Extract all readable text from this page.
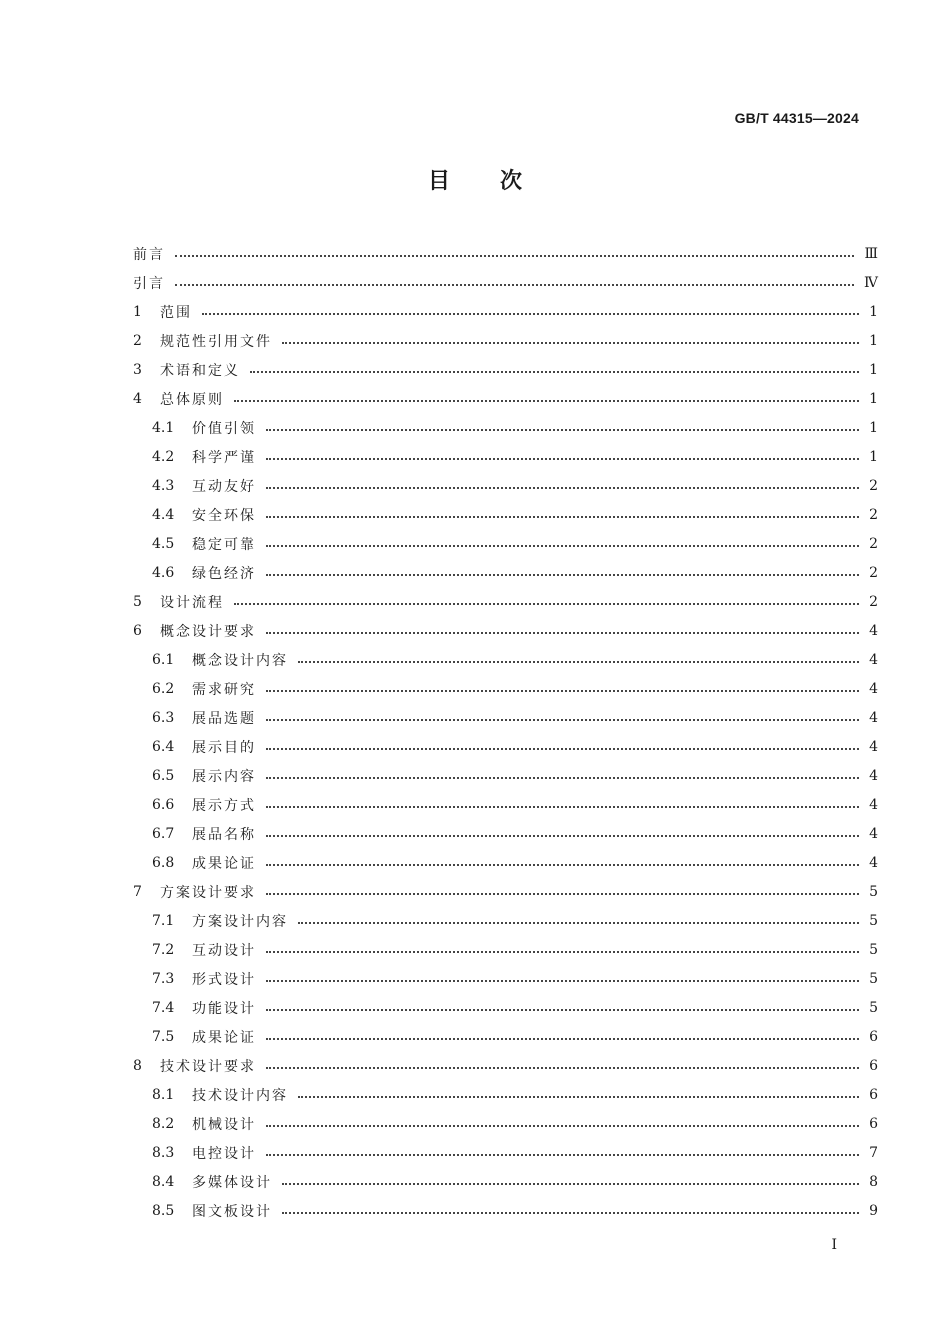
GB/T 44315—2024
目次
前言	Ⅲ
引言	Ⅳ
1	范围	1
2	规范性引用文件	1
3	术语和定义	1
4	总体原则	1
4.1	价值引领	1
4.2	科学严谨	1
4.3	互动友好	2
4.4	安全环保	2
4.5	稳定可靠	2
4.6	绿色经济	2
5	设计流程	2
6	概念设计要求	4
6.1	概念设计内容	4
6.2	需求研究	4
6.3	展品选题	4
6.4	展示目的	4
6.5	展示内容	4
6.6	展示方式	4
6.7	展品名称	4
6.8	成果论证	4
7	方案设计要求	5
7.1	方案设计内容	5
7.2	互动设计	5
7.3	形式设计	5
7.4	功能设计	5
7.5	成果论证	6
8	技术设计要求	6
8.1	技术设计内容	6
8.2	机械设计	6
8.3	电控设计	7
8.4	多媒体设计	8
8.5	图文板设计	9
I
